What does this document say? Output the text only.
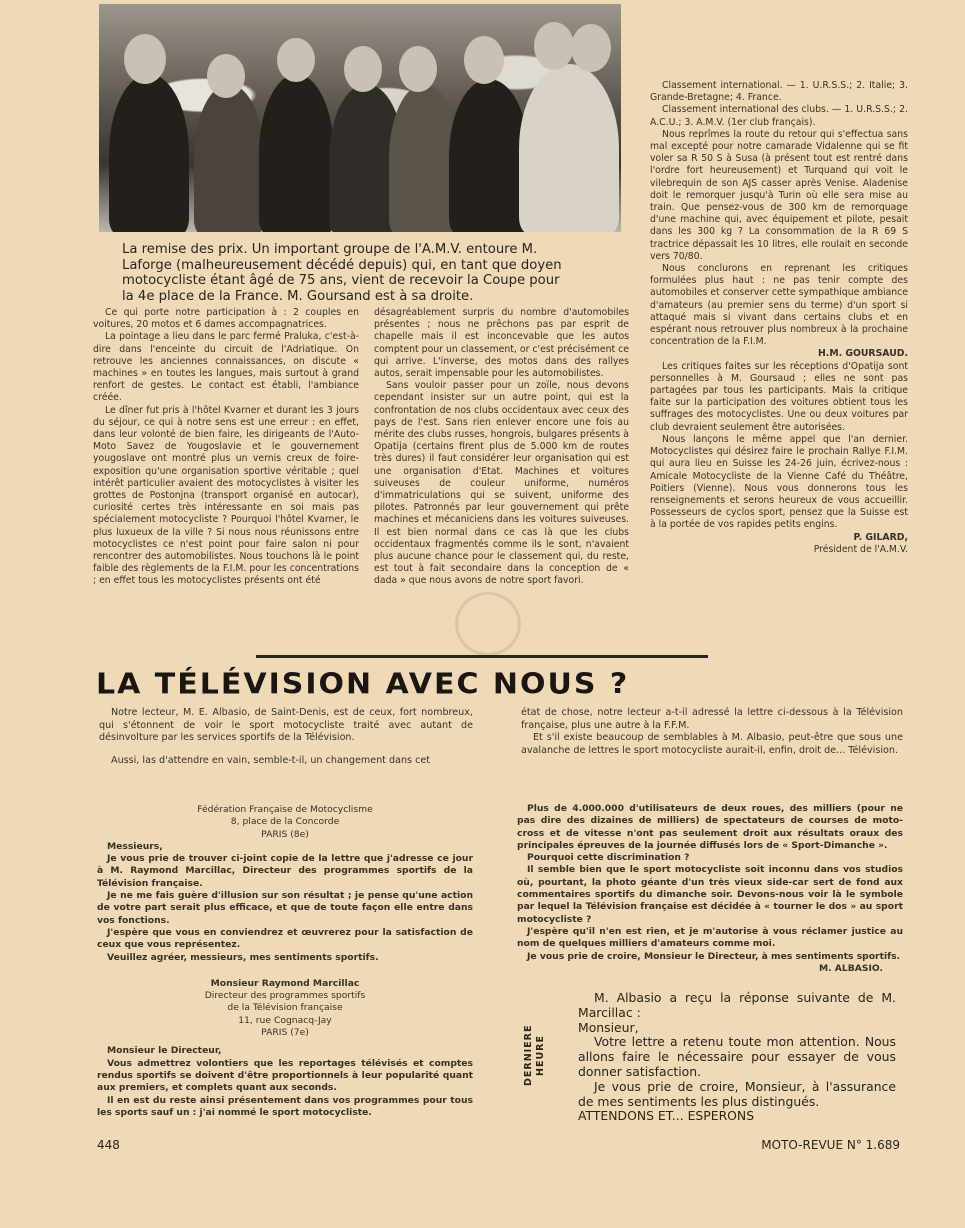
La remise des prix. Un important groupe de l'A.M.V. entoure M. Laforge (malheureusement décédé depuis) qui, en tant que doyen motocycliste étant âgé de 75 ans, vient de recevoir la Coupe pour la 4e place de la France. M. Goursand est à sa droite.

Ce qui porte notre participation à : 2 couples en voitures, 20 motos et 6 dames accompagnatrices.

La pointage a lieu dans le parc fermé Praluka, c'est-à-dire dans l'enceinte du circuit de l'Adriatique. On retrouve les anciennes connaissances, on discute « machines » en toutes les langues, mais surtout à grand renfort de gestes. Le contact est établi, l'ambiance créée.

Le dîner fut pris à l'hôtel Kvarner et durant les 3 jours du séjour, ce qui à notre sens est une erreur : en effet, dans leur volonté de bien faire, les dirigeants de l'Auto-Moto Savez de Yougoslavie et le gouvernement yougoslave ont montré plus un vernis creux de foire-exposition qu'une organisation sportive véritable ; quel intérêt particulier avaient des motocyclistes à visiter les grottes de Postonjna (transport organisé en autocar), curiosité certes très intéressante en soi mais pas spécialement motocycliste ? Pourquoi l'hôtel Kvarner, le plus luxueux de la ville ? Si nous nous réunissons entre motocyclistes ce n'est point pour faire salon ni pour rencontrer des automobilistes. Nous touchons là le point faible des règlements de la F.I.M. pour les concentrations ; en effet tous les motocyclistes présents ont été

désagréablement surpris du nombre d'automobiles présentes ; nous ne prêchons pas par esprit de chapelle mais il est inconcevable que les autos comptent pour un classement, or c'est précisément ce qui arrive. L'inverse, des motos dans des rallyes autos, serait impensable pour les automobilistes.

Sans vouloir passer pour un zoïle, nous devons cependant insister sur un autre point, qui est la confrontation de nos clubs occidentaux avec ceux des pays de l'est. Sans rien enlever encore une fois au mérite des clubs russes, hongrois, bulgares présents à Opatija (certains firent plus de 5.000 km de routes très dures) il faut considérer leur organisation qui est une organisation d'Etat. Machines et voitures suiveuses de couleur uniforme, numéros d'immatriculations qui se suivent, uniforme des pilotes. Patronnés par leur gouvernement qui prête machines et mécaniciens dans les voitures suiveuses. Il est bien normal dans ce cas là que les clubs occidentaux fragmentés comme ils le sont, n'avaient plus aucune chance pour le classement qui, du reste, est tout à fait secondaire dans la conception de « dada » que nous avons de notre sport favori.

Classement international. — 1. U.R.S.S.; 2. Italie; 3. Grande-Bretagne; 4. France.

Classement international des clubs. — 1. U.R.S.S.; 2. A.C.U.; 3. A.M.V. (1er club français).

Nous reprîmes la route du retour qui s'effectua sans mal excepté pour notre camarade Vidalenne qui se fit voler sa R 50 S à Susa (à présent tout est rentré dans l'ordre fort heureusement) et Turquand qui voit le vilebrequin de son AJS casser après Venise. Aladenise doit le remorquer jusqu'à Turin où elle sera mise au train. Que pensez-vous de 300 km de remorquage d'une machine qui, avec équipement et pilote, pesait dans les 300 kg ? La consommation de la R 69 S tractrice dépassait les 10 litres, elle roulait en seconde vers 70/80.

Nous conclurons en reprenant les critiques formulées plus haut : ne pas tenir compte des automobiles et conserver cette sympathique ambiance d'amateurs (au premier sens du terme) d'un sport si attaqué mais si vivant dans certains clubs et en espérant nous retrouver plus nombreux à la prochaine concentration de la F.I.M.

H.M. GOURSAUD.

Les critiques faites sur les réceptions d'Opatija sont personnelles à M. Goursaud ; elles ne sont pas partagées par tous les participants. Mais la critique faite sur la participation des voitures obtient tous les suffrages des motocyclistes. Une ou deux voitures par club devraient seulement être autorisées.

Nous lançons le même appel que l'an dernier. Motocyclistes qui désirez faire le prochain Rallye F.I.M. qui aura lieu en Suisse les 24-26 juin, écrivez-nous : Amicale Motocycliste de la Vienne Café du Théâtre, Poitiers (Vienne). Nous vous donnerons tous les renseignements et serons heureux de vous accueillir. Possesseurs de cyclos sport, pensez que la Suisse est à la portée de vos rapides petits engins.

P. GILARD,
Président de l'A.M.V.
LA TÉLÉVISION AVEC NOUS ?
Notre lecteur, M. E. Albasio, de Saint-Denis, est de ceux, fort nombreux, qui s'étonnent de voir le sport motocycliste traité avec autant de désinvolture par les services sportifs de la Télévision.
Aussi, las d'attendre en vain, semble-t-il, un changement dans cet
état de chose, notre lecteur a-t-il adressé la lettre ci-dessous à la Télévision française, plus une autre à la F.F.M.
Et s'il existe beaucoup de semblables à M. Albasio, peut-être que sous une avalanche de lettres le sport motocycliste aurait-il, enfin, droit de... Télévision.
Fédération Française de Motocyclisme
8, place de la Concorde
PARIS (8e)

Messieurs,

Je vous prie de trouver ci-joint copie de la lettre que j'adresse ce jour à M. Raymond Marcillac, Directeur des programmes sportifs de la Télévision française.

Je ne me fais guère d'illusion sur son résultat ; je pense qu'une action de votre part serait plus efficace, et que de toute façon elle entre dans vos fonctions.

J'espère que vous en conviendrez et œuvrerez pour la satisfaction de ceux que vous représentez.

Veuillez agréer, messieurs, mes sentiments sportifs.

Monsieur Raymond Marcillac
Directeur des programmes sportifs
de la Télévision française
11, rue Cognacq-Jay
PARIS (7e)

Monsieur le Directeur,

Vous admettrez volontiers que les reportages télévisés et comptes rendus sportifs se doivent d'être proportionnels à leur popularité quant aux premiers, et complets quant aux seconds.

Il en est du reste ainsi présentement dans vos programmes pour tous les sports sauf un : j'ai nommé le sport motocycliste.

Plus de 4.000.000 d'utilisateurs de deux roues, des milliers (pour ne pas dire des dizaines de milliers) de spectateurs de courses de moto-cross et de vitesse n'ont pas seulement droit aux résultats oraux des principales épreuves de la journée diffusés lors de « Sport-Dimanche ».

Pourquoi cette discrimination ?

Il semble bien que le sport motocycliste soit inconnu dans vos studios où, pourtant, la photo géante d'un très vieux side-car sert de fond aux commentaires sportifs du dimanche soir. Devons-nous voir là le symbole par lequel la Télévision française est décidée à « tourner le dos » au sport motocycliste ?

J'espère qu'il n'en est rien, et je m'autorise à vous réclamer justice au nom de quelques milliers d'amateurs comme moi.

Je vous prie de croire, Monsieur le Directeur, à mes sentiments sportifs.

M. ALBASIO.
DERNIERE HEURE

M. Albasio a reçu la réponse suivante de M. Marcillac :

Monsieur,

Votre lettre a retenu toute mon attention. Nous allons faire le nécessaire pour essayer de vous donner satisfaction.

Je vous prie de croire, Monsieur, à l'assurance de mes sentiments les plus distingués.

ATTENDONS ET... ESPERONS

448	MOTO-REVUE N° 1.689
